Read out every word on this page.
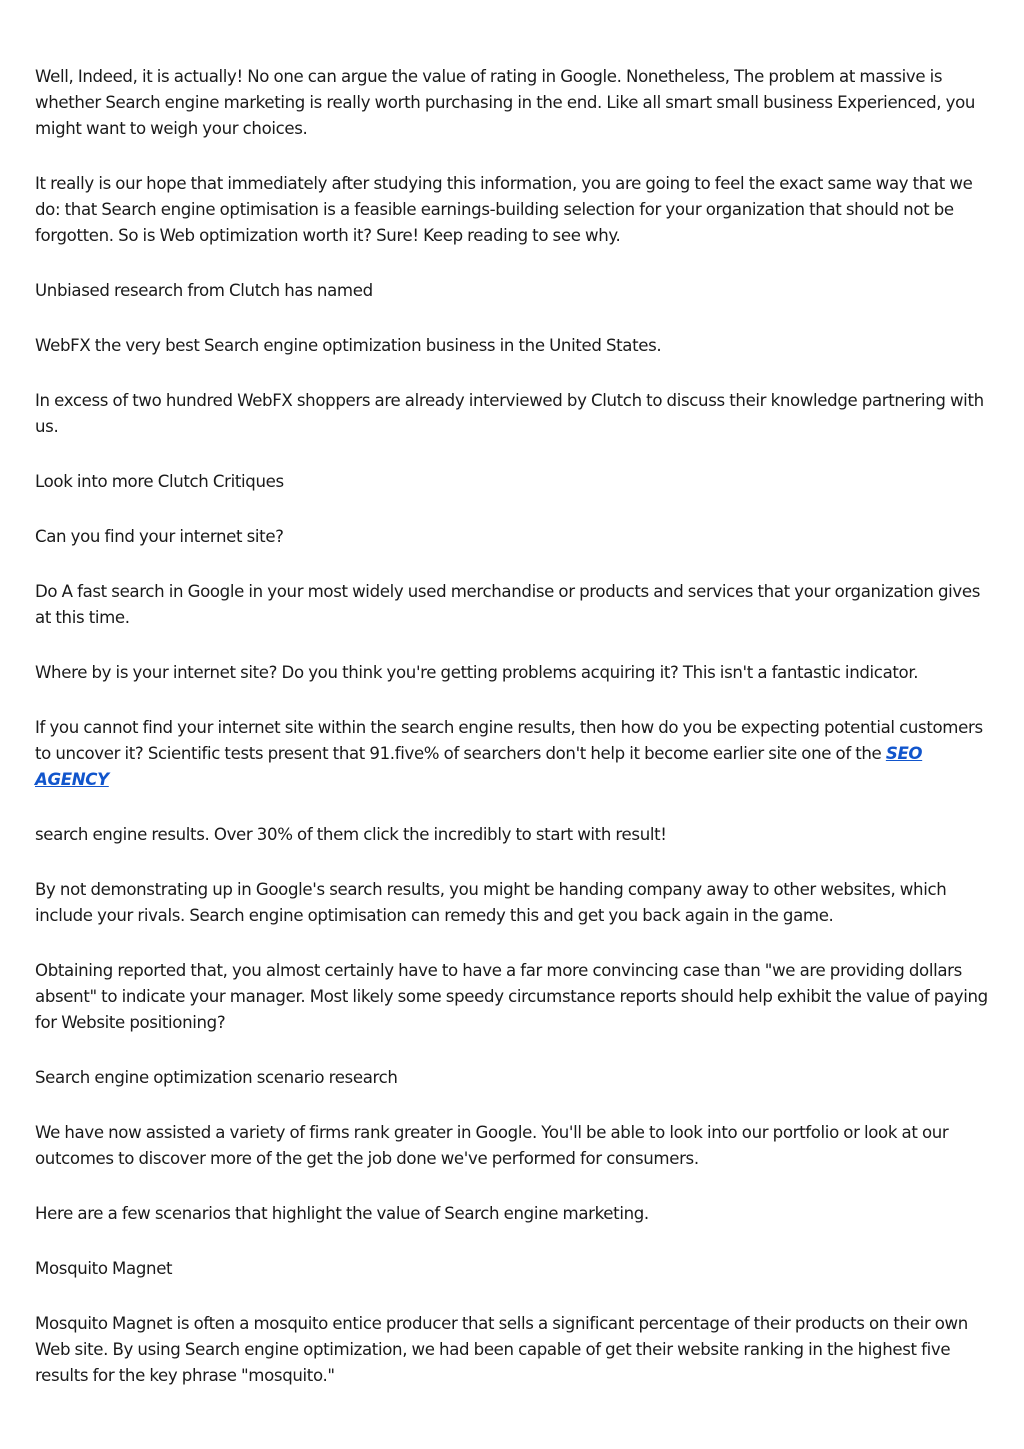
Well, Indeed, it is actually! No one can argue the value of rating in Google. Nonetheless, The problem at massive is whether Search engine marketing is really worth purchasing in the end. Like all smart small business Experienced, you might want to weigh your choices.

It really is our hope that immediately after studying this information, you are going to feel the exact same way that we do: that Search engine optimisation is a feasible earnings-building selection for your organization that should not be forgotten. So is Web optimization worth it? Sure! Keep reading to see why.

Unbiased research from Clutch has named

WebFX the very best Search engine optimization business in the United States.

In excess of two hundred WebFX shoppers are already interviewed by Clutch to discuss their knowledge partnering with us.

Look into more Clutch Critiques

Can you find your internet site?

Do A fast search in Google in your most widely used merchandise or products and services that your organization gives at this time.

Where by is your internet site? Do you think you're getting problems acquiring it? This isn't a fantastic indicator.

If you cannot find your internet site within the search engine results, then how do you be expecting potential customers to uncover it? Scientific tests present that 91.five% of searchers don't help it become earlier site one of the SEO AGENCY

search engine results. Over 30% of them click the incredibly to start with result!

By not demonstrating up in Google's search results, you might be handing company away to other websites, which include your rivals. Search engine optimisation can remedy this and get you back again in the game.

Obtaining reported that, you almost certainly have to have a far more convincing case than "we are providing dollars absent" to indicate your manager. Most likely some speedy circumstance reports should help exhibit the value of paying for Website positioning?

Search engine optimization scenario research

We have now assisted a variety of firms rank greater in Google. You'll be able to look into our portfolio or look at our outcomes to discover more of the get the job done we've performed for consumers.

Here are a few scenarios that highlight the value of Search engine marketing.

Mosquito Magnet

Mosquito Magnet is often a mosquito entice producer that sells a significant percentage of their products on their own Web site. By using Search engine optimization, we had been capable of get their website ranking in the highest five results for the key phrase "mosquito."
